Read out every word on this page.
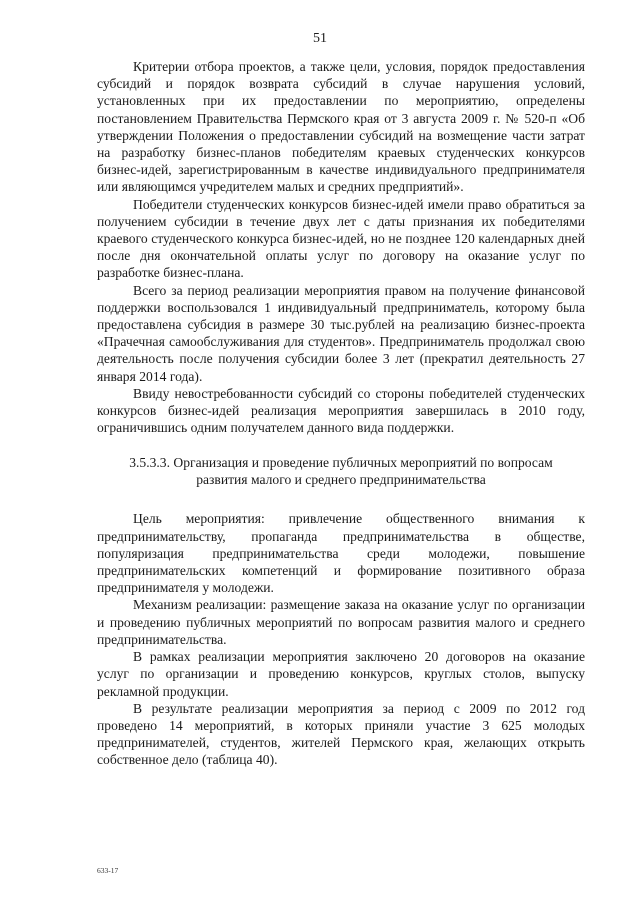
51

Критерии отбора проектов, а также цели, условия, порядок предоставления субсидий и порядок возврата субсидий в случае нарушения условий, установленных при их предоставлении по мероприятию, определены постановлением Правительства Пермского края от 3 августа 2009 г. № 520-п «Об утверждении Положения о предоставлении субсидий на возмещение части затрат на разработку бизнес-планов победителям краевых студенческих конкурсов бизнес-идей, зарегистрированным в качестве индивидуального предпринимателя или являющимся учредителем малых и средних предприятий».

Победители студенческих конкурсов бизнес-идей имели право обратиться за получением субсидии в течение двух лет с даты признания их победителями краевого студенческого конкурса бизнес-идей, но не позднее 120 календарных дней после дня окончательной оплаты услуг по договору на оказание услуг по разработке бизнес-плана.

Всего за период реализации мероприятия правом на получение финансовой поддержки воспользовался 1 индивидуальный предприниматель, которому была предоставлена субсидия в размере 30 тыс.рублей на реализацию бизнес-проекта «Прачечная самообслуживания для студентов». Предприниматель продолжал свою деятельность после получения субсидии более 3 лет (прекратил деятельность 27 января 2014 года).

Ввиду невостребованности субсидий со стороны победителей студенческих конкурсов бизнес-идей реализация мероприятия завершилась в 2010 году, ограничившись одним получателем данного вида поддержки.

3.5.3.3. Организация и проведение публичных мероприятий по вопросам развития малого и среднего предпринимательства

Цель мероприятия: привлечение общественного внимания к предпринимательству, пропаганда предпринимательства в обществе, популяризация предпринимательства среди молодежи, повышение предпринимательских компетенций и формирование позитивного образа предпринимателя у молодежи.

Механизм реализации: размещение заказа на оказание услуг по организации и проведению публичных мероприятий по вопросам развития малого и среднего предпринимательства.

В рамках реализации мероприятия заключено 20 договоров на оказание услуг по организации и проведению конкурсов, круглых столов, выпуску рекламной продукции.

В результате реализации мероприятия за период с 2009 по 2012 год проведено 14 мероприятий, в которых приняли участие 3 625 молодых предпринимателей, студентов, жителей Пермского края, желающих открыть собственное дело (таблица 40).

633-17
